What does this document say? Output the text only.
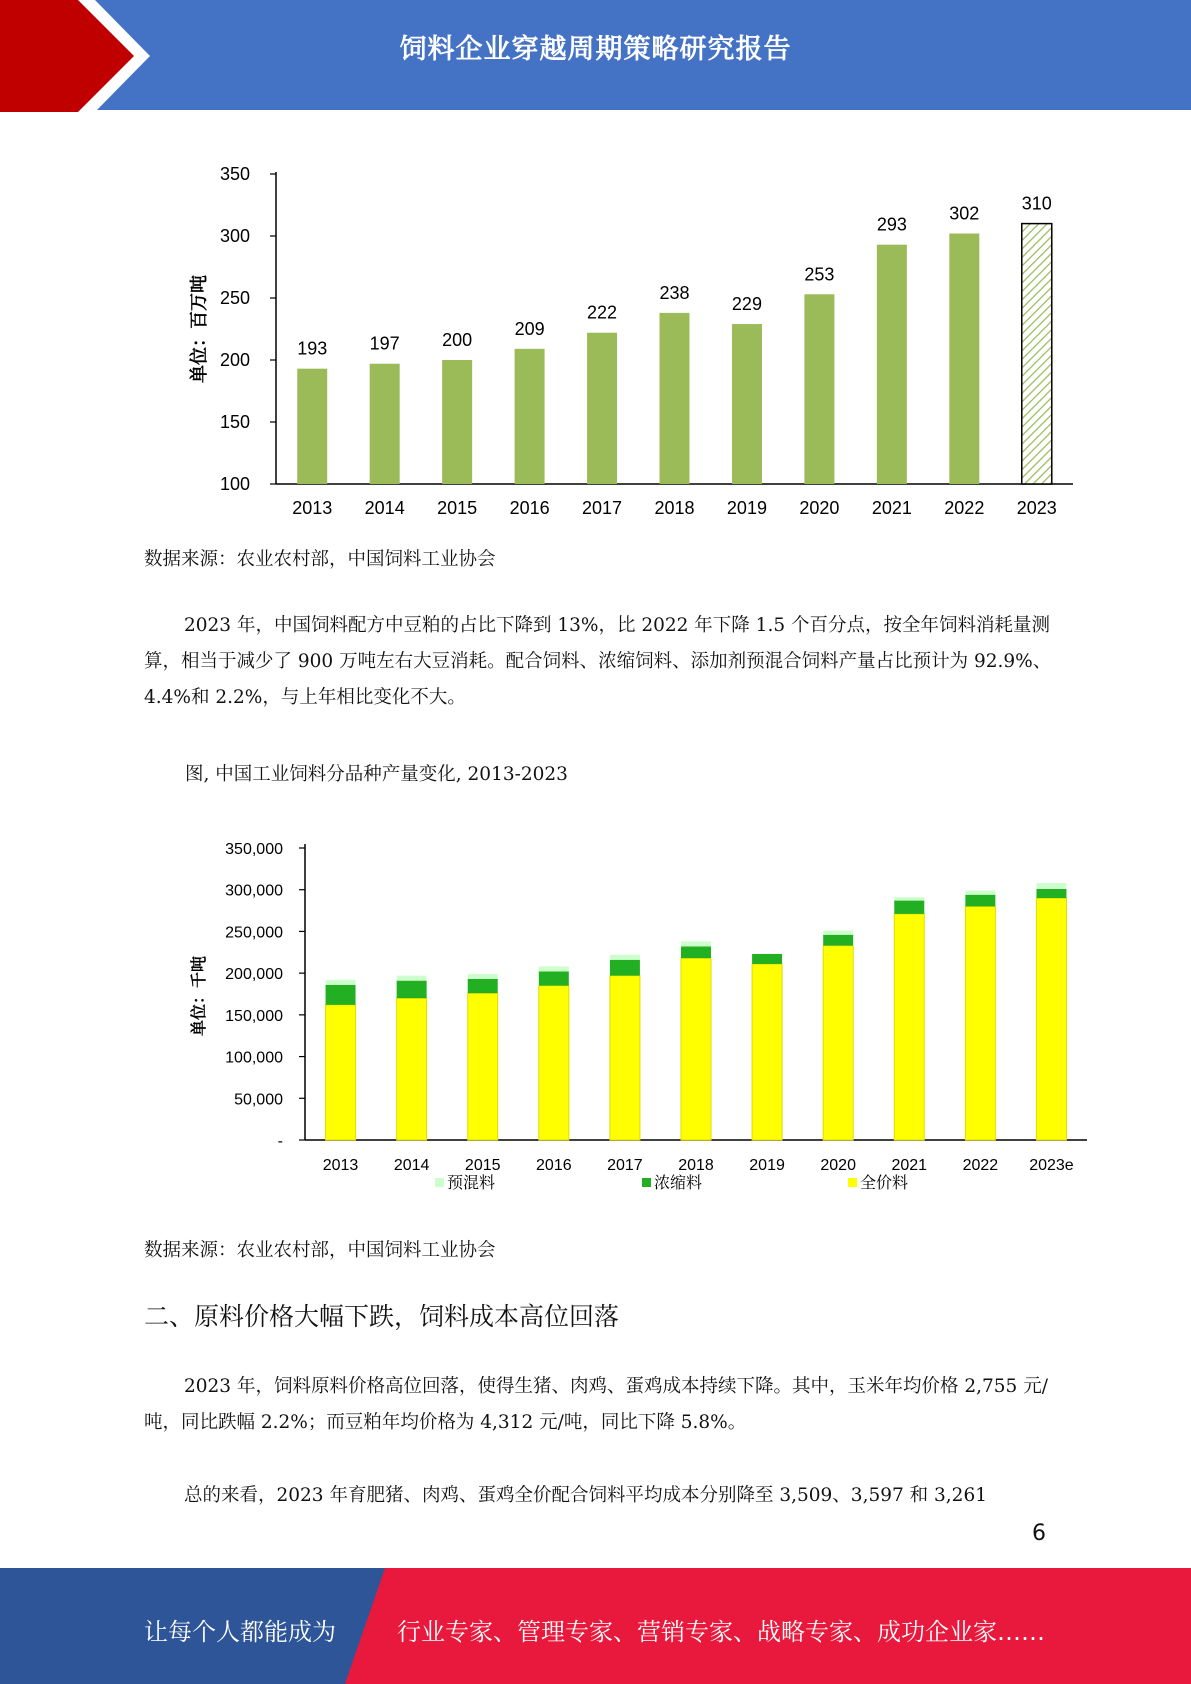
饲料企业穿越周期策略研究报告
100
150
200
250
300
350
193
2013
197
2014
200
2015
209
2016
222
2017
238
2018
229
2019
253
2020
293
2021
302
2022
310
2023
单位：百万吨

数据来源：农业农村部，中国饲料工业协会

2023 年，中国饲料配方中豆粕的占比下降到 13%，比 2022 年下降 1.5 个百分点，按全年饲料消耗量测算，相当于减少了 900 万吨左右大豆消耗。配合饲料、浓缩饲料、添加剂预混合饲料产量占比预计为 92.9%、4.4%和 2.2%，与上年相比变化不大。

图, 中国工业饲料分品种产量变化, 2013-2023

-
50,000
100,000
150,000
200,000
250,000
300,000
350,000
2013 2014 2015 2016 2017 2018 2019 2020 2021 2022 2023e
预混料	浓缩料	全价料
单位：千吨

数据来源：农业农村部，中国饲料工业协会

二、原料价格大幅下跌，饲料成本高位回落

2023 年，饲料原料价格高位回落，使得生猪、肉鸡、蛋鸡成本持续下降。其中，玉米年均价格 2,755 元/吨，同比跌幅 2.2%；而豆粕年均价格为 4,312 元/吨，同比下降 5.8%。

总的来看，2023 年育肥猪、肉鸡、蛋鸡全价配合饲料平均成本分别降至 3,509、3,597 和 3,261

6
让每个人都能成为	行业专家、管理专家、营销专家、战略专家、成功企业家……
